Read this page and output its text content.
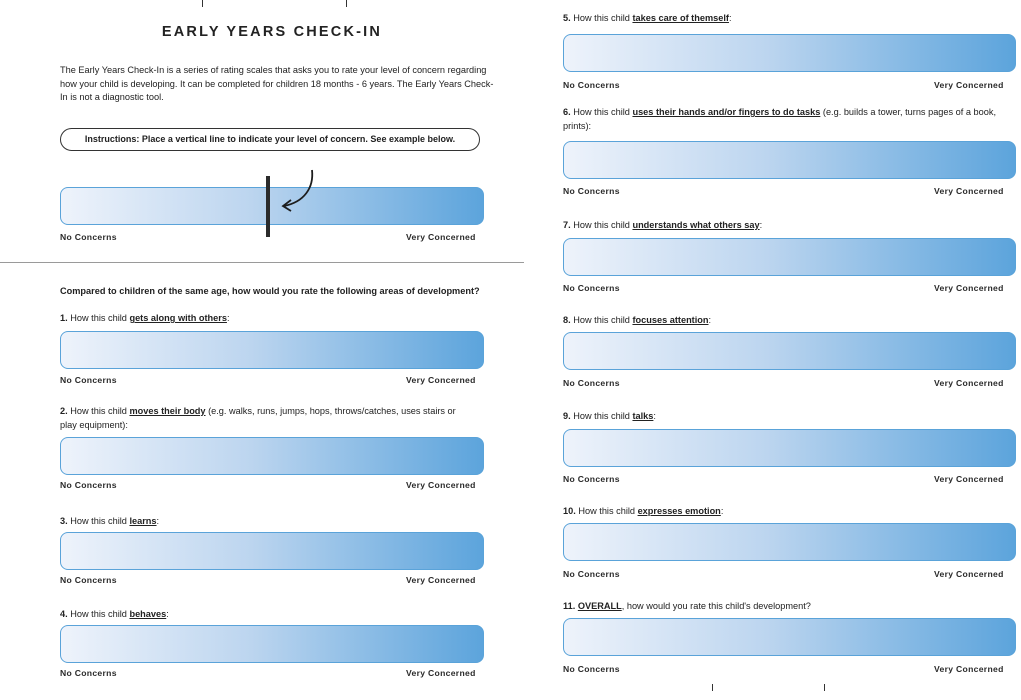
EARLY YEARS CHECK-IN
The Early Years Check-In is a series of rating scales that asks you to rate your level of concern regarding how your child is developing. It can be completed for children 18 months - 6 years. The Early Years Check-In is not a diagnostic tool.
Instructions: Place a vertical line to indicate your level of concern. See example below.
No Concerns	Very Concerned
Compared to children of the same age, how would you rate the following areas of development?
1. How this child gets along with others:
No Concerns	Very Concerned
2. How this child moves their body (e.g. walks, runs, jumps, hops, throws/catches, uses stairs or play equipment):
No Concerns	Very Concerned
3. How this child learns:
No Concerns	Very Concerned
4. How this child behaves:
No Concerns	Very Concerned
5. How this child takes care of themself:
No Concerns	Very Concerned
6. How this child uses their hands and/or fingers to do tasks (e.g. builds a tower, turns pages of a book, prints):
No Concerns	Very Concerned
7. How this child understands what others say:
No Concerns	Very Concerned
8. How this child focuses attention:
No Concerns	Very Concerned
9. How this child talks:
No Concerns	Very Concerned
10. How this child expresses emotion:
No Concerns	Very Concerned
11. OVERALL, how would you rate this child's development?
No Concerns	Very Concerned
